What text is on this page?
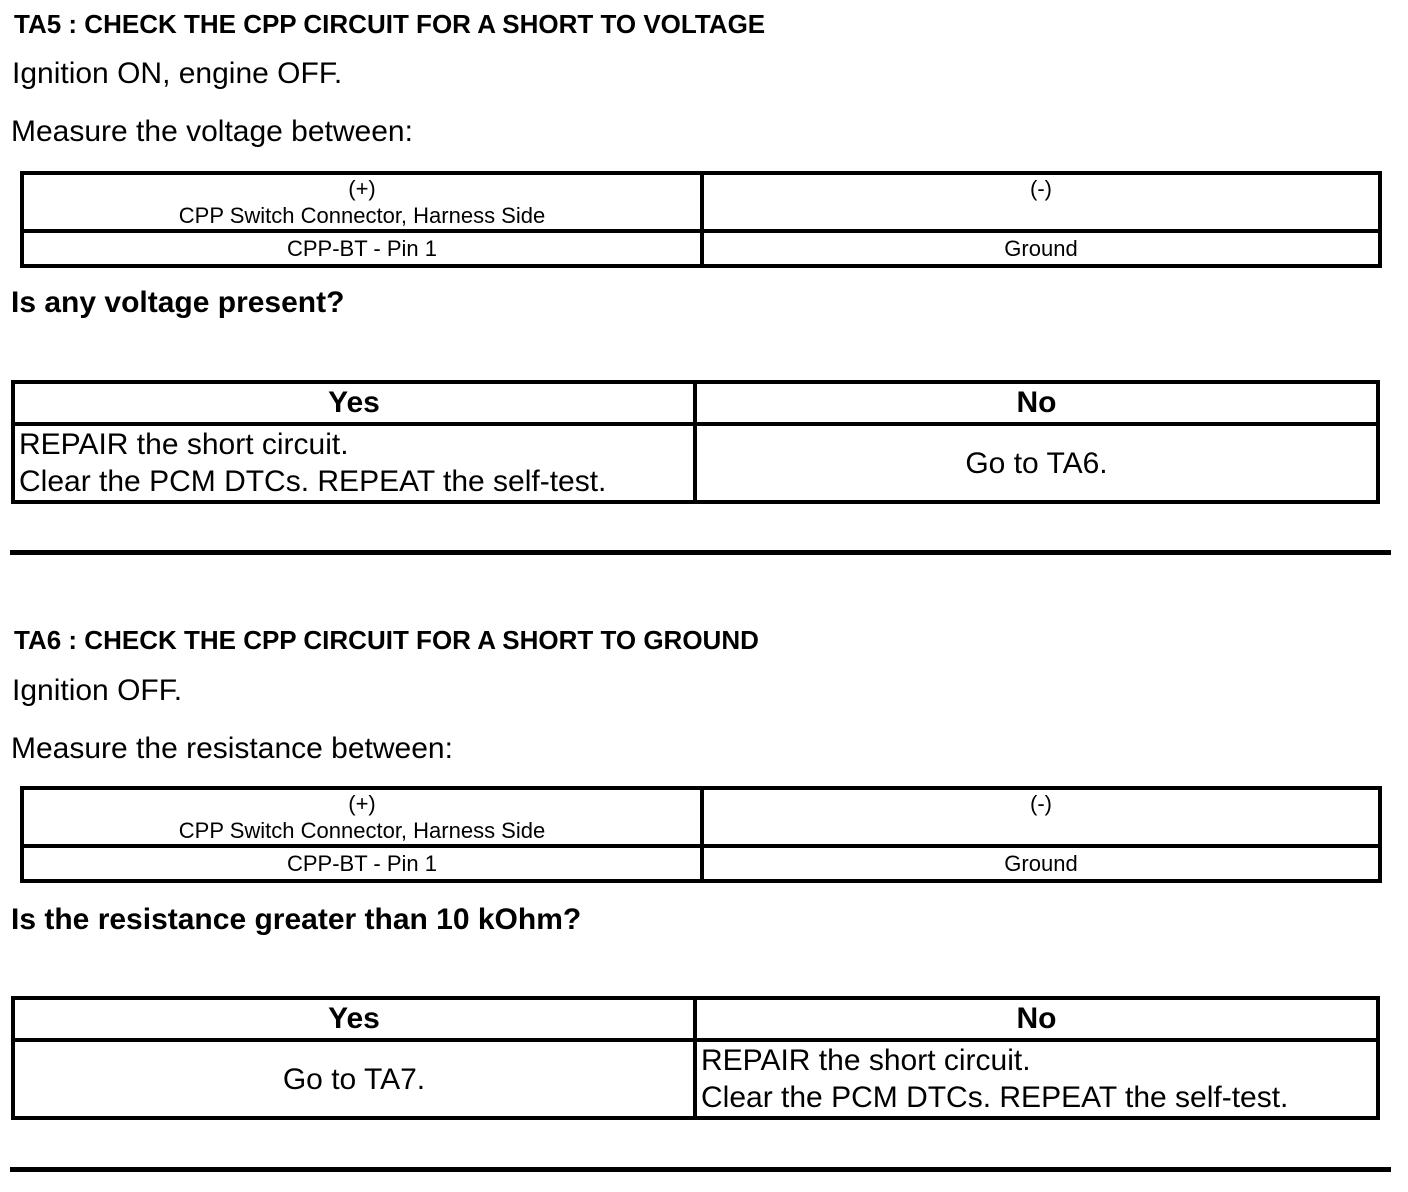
TA5 : CHECK THE CPP CIRCUIT FOR A SHORT TO VOLTAGE
Ignition ON, engine OFF.
Measure the voltage between:
(+)
CPP Switch Connector, Harness Side	(-)

CPP-BT - Pin 1	Ground
Is any voltage present?
Yes	No

REPAIR the short circuit.
Clear the PCM DTCs. REPEAT the self-test.	Go to TA6.
TA6 : CHECK THE CPP CIRCUIT FOR A SHORT TO GROUND
Ignition OFF.
Measure the resistance between:
(+)
CPP Switch Connector, Harness Side	(-)

CPP-BT - Pin 1	Ground
Is the resistance greater than 10 kOhm?
Yes	No
Go to TA7.	REPAIR the short circuit.
Clear the PCM DTCs. REPEAT the self-test.
